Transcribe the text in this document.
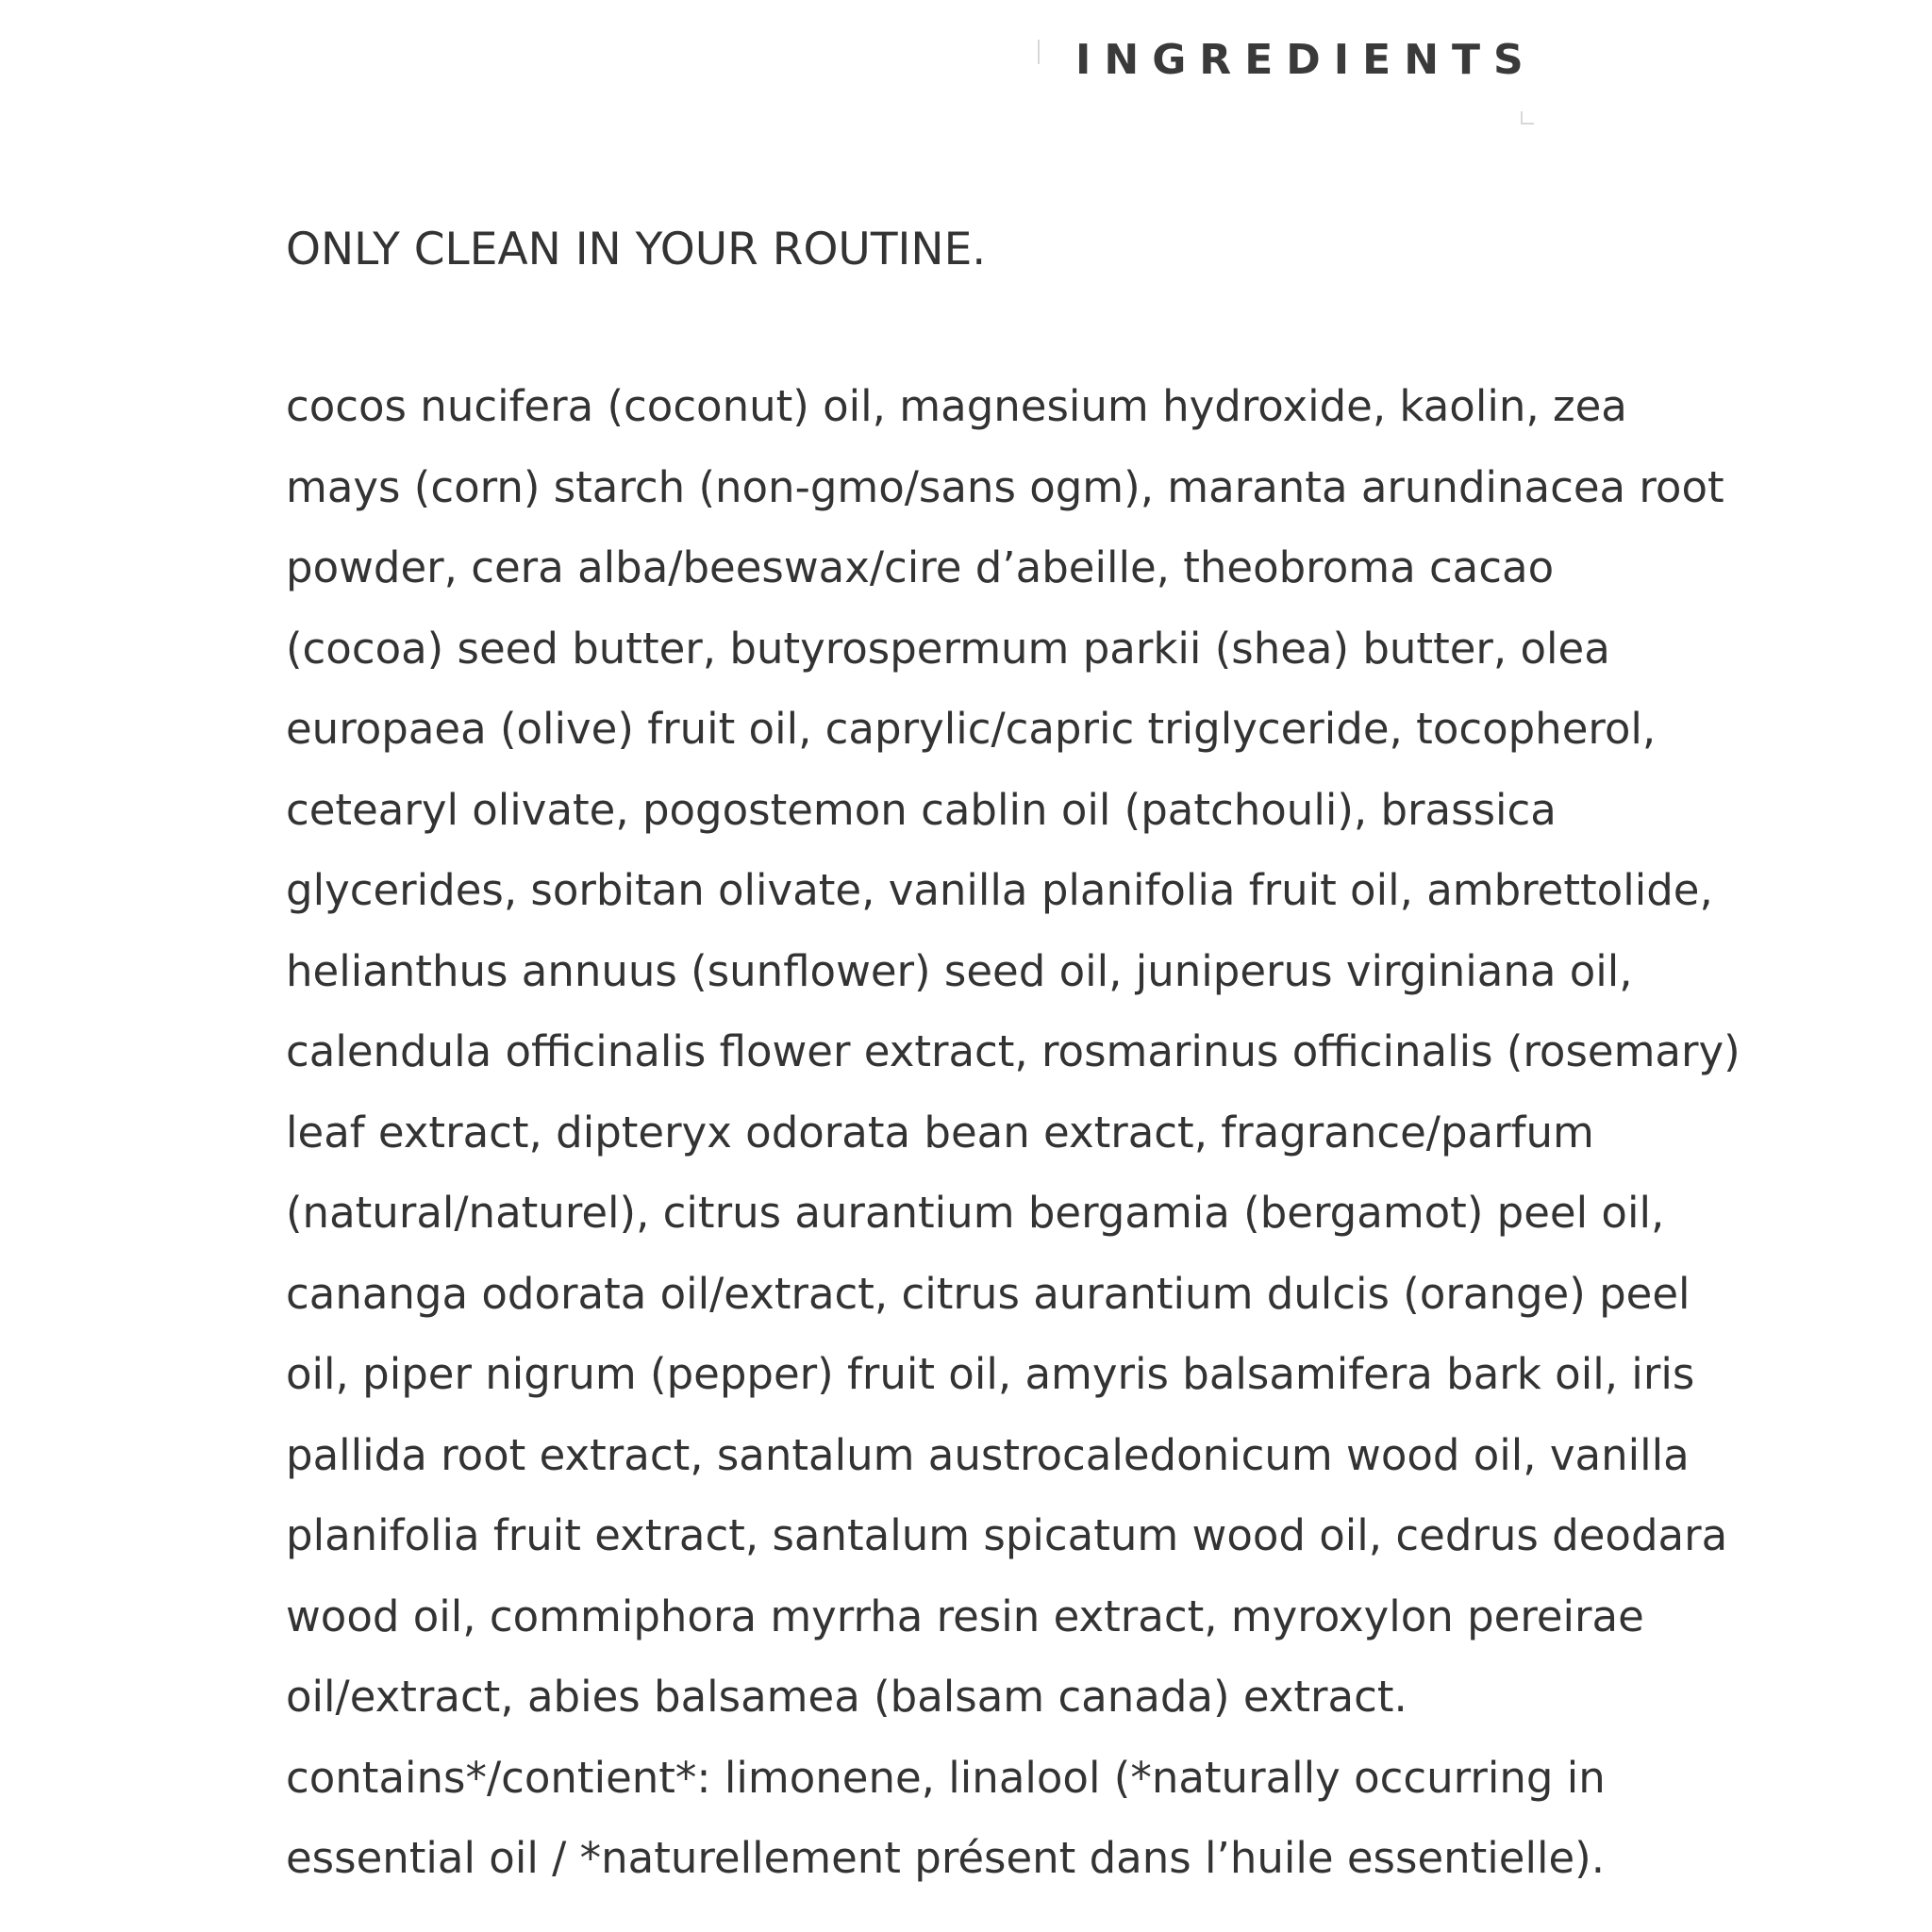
INGREDIENTS

ONLY CLEAN IN YOUR ROUTINE.

cocos nucifera (coconut) oil, magnesium hydroxide, kaolin, zea
mays (corn) starch (non-gmo/sans ogm), maranta arundinacea root
powder, cera alba/beeswax/cire d’abeille, theobroma cacao
(cocoa) seed butter, butyrospermum parkii (shea) butter, olea
europaea (olive) fruit oil, caprylic/capric triglyceride, tocopherol,
cetearyl olivate, pogostemon cablin oil (patchouli), brassica
glycerides, sorbitan olivate, vanilla planifolia fruit oil, ambrettolide,
helianthus annuus (sunflower) seed oil, juniperus virginiana oil,
calendula officinalis flower extract, rosmarinus officinalis (rosemary)
leaf extract, dipteryx odorata bean extract, fragrance/parfum
(natural/naturel), citrus aurantium bergamia (bergamot) peel oil,
cananga odorata oil/extract, citrus aurantium dulcis (orange) peel
oil, piper nigrum (pepper) fruit oil, amyris balsamifera bark oil, iris
pallida root extract, santalum austrocaledonicum wood oil, vanilla
planifolia fruit extract, santalum spicatum wood oil, cedrus deodara
wood oil, commiphora myrrha resin extract, myroxylon pereirae
oil/extract, abies balsamea (balsam canada) extract.
contains*/contient*: limonene, linalool (*naturally occurring in
essential oil / *naturellement présent dans l’huile essentielle).
